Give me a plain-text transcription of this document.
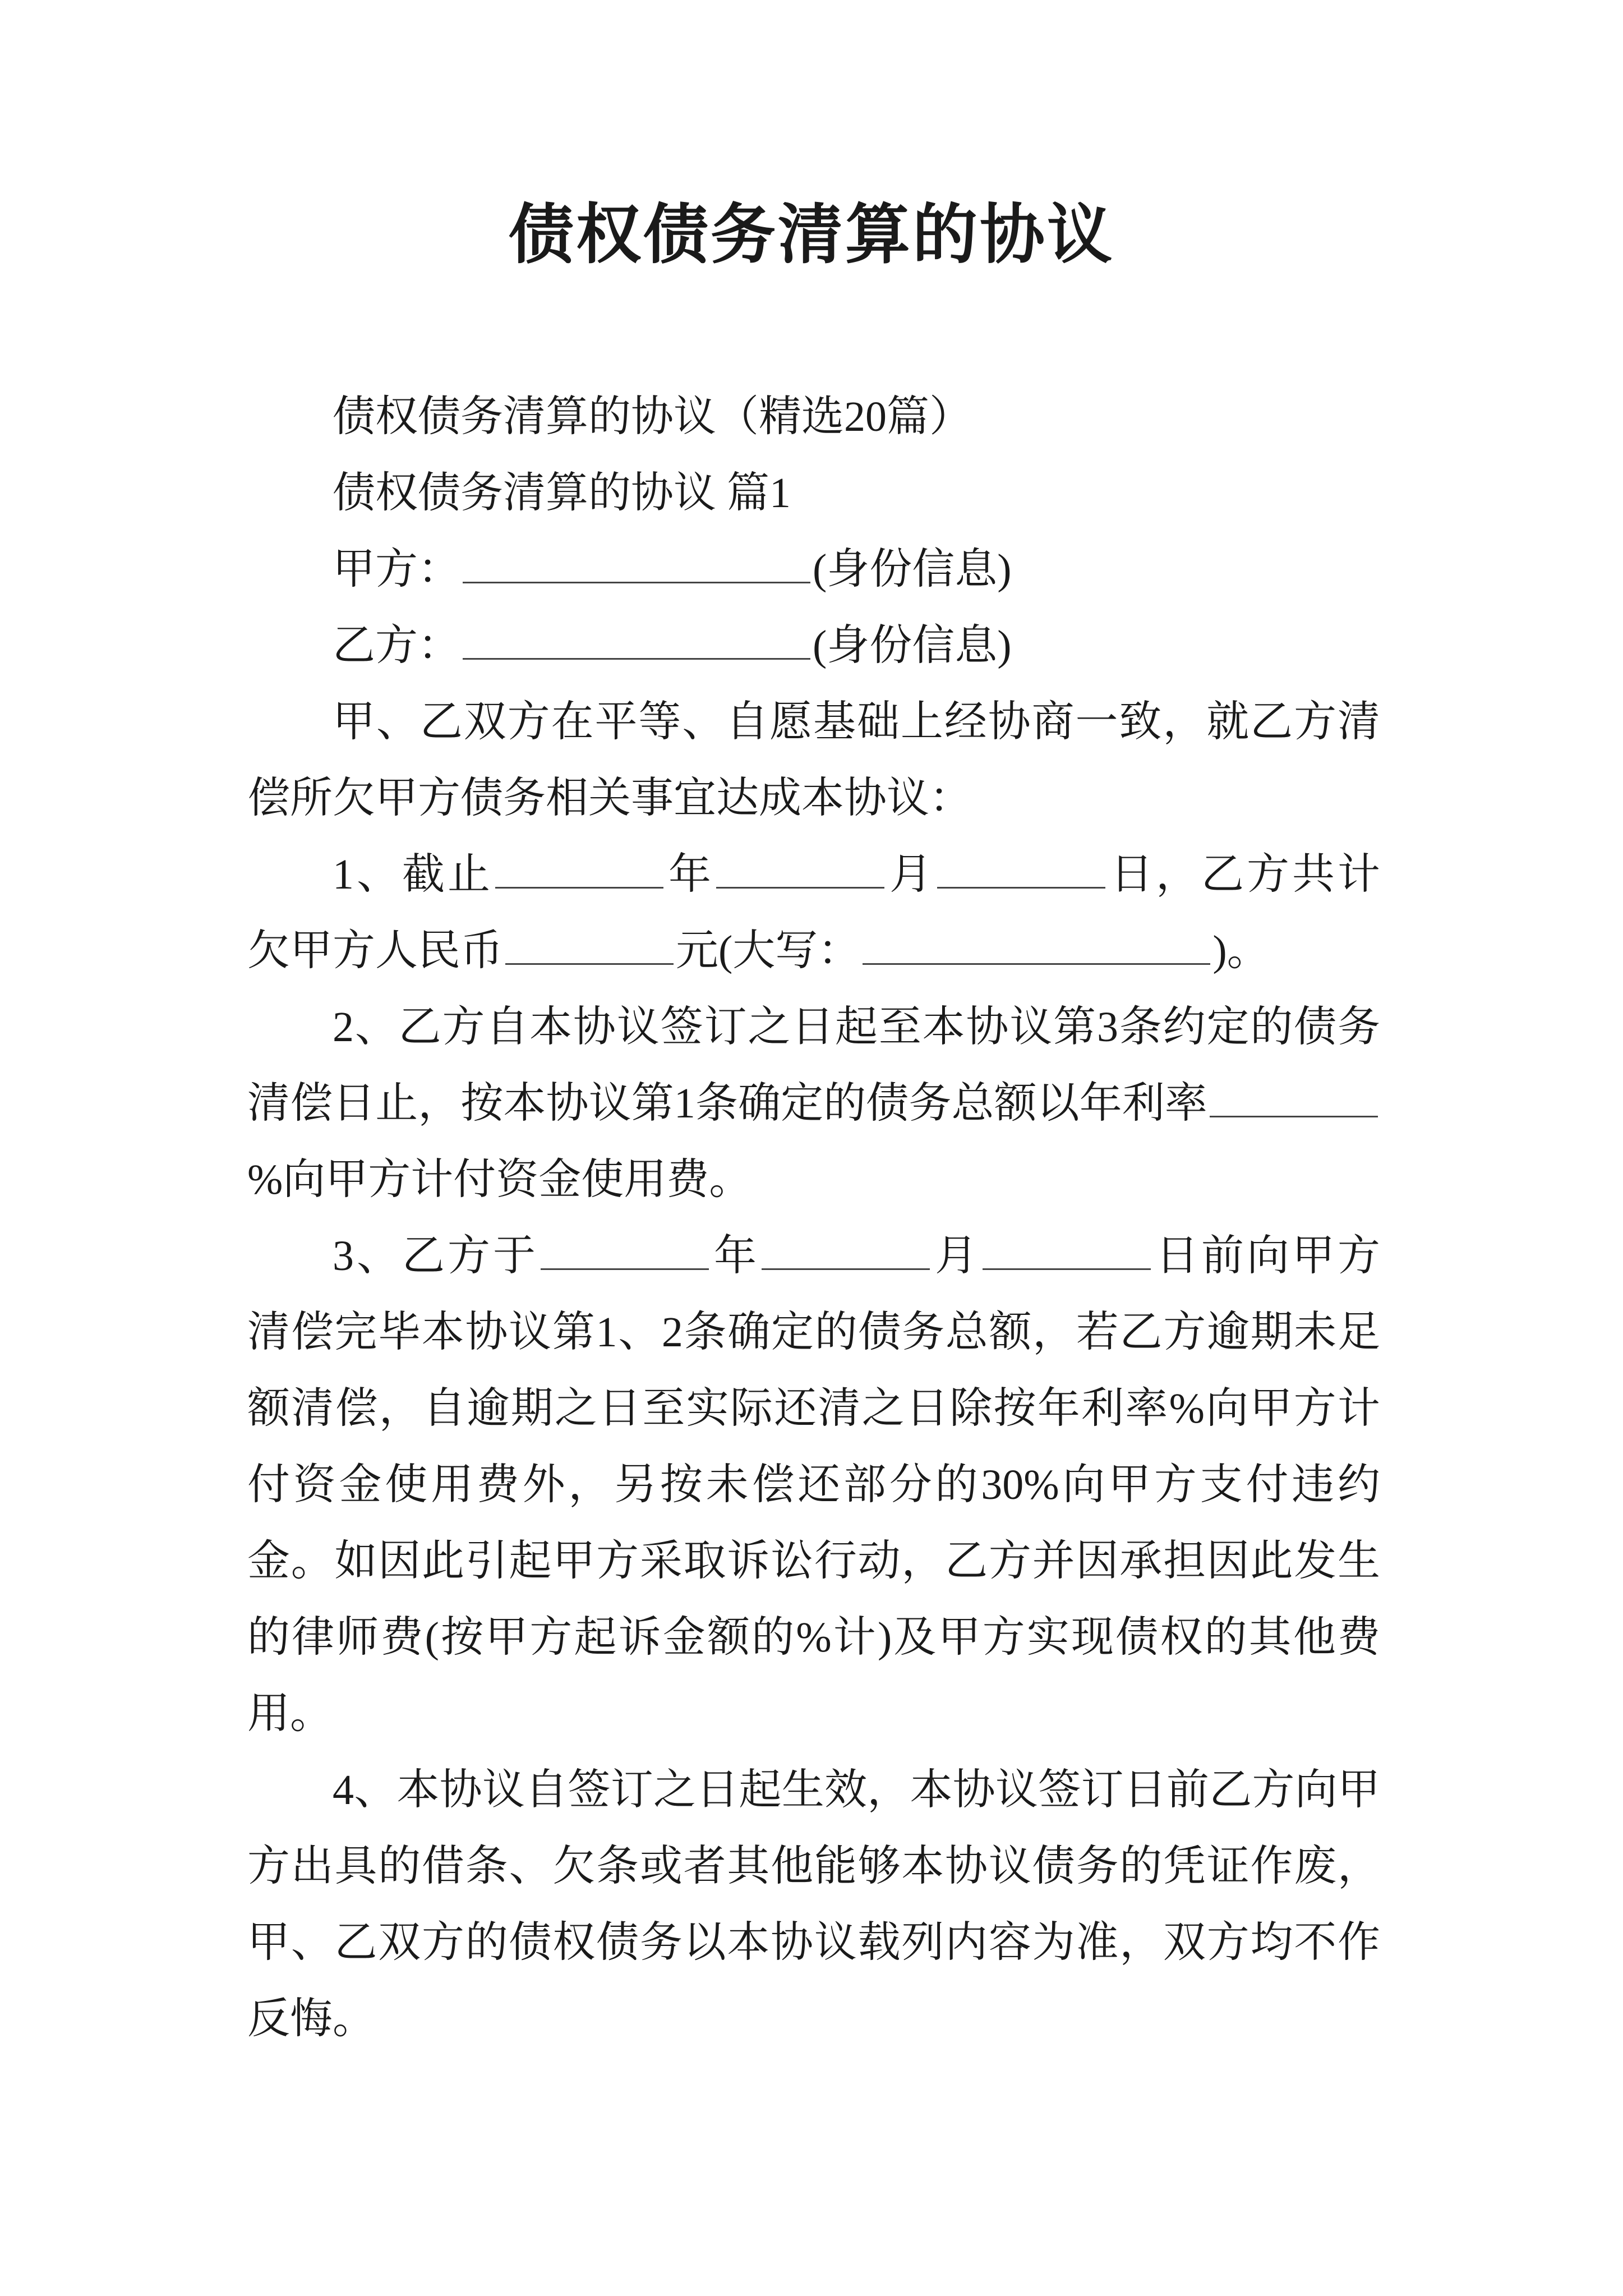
债权债务清算的协议

债权债务清算的协议（精选20篇）

债权债务清算的协议 篇1

甲方：	(身份信息)

乙方：	(身份信息)

甲、乙双方在平等、自愿基础上经协商一致，就乙方清偿所欠甲方债务相关事宜达成本协议：

1、截止	年	月	日，乙方共计欠甲方人民币	元(大写：	)。

2、乙方自本协议签订之日起至本协议第3条约定的债务清偿日止，按本协议第1条确定的债务总额以年利率%向甲方计付资金使用费。

3、乙方于	年	月	日前向甲方清偿完毕本协议第1、2条确定的债务总额，若乙方逾期未足额清偿，自逾期之日至实际还清之日除按年利率%向甲方计付资金使用费外，另按未偿还部分的30%向甲方支付违约金。如因此引起甲方采取诉讼行动，乙方并因承担因此发生的律师费(按甲方起诉金额的%计)及甲方实现债权的其他费用。

4、本协议自签订之日起生效，本协议签订日前乙方向甲方出具的借条、欠条或者其他能够本协议债务的凭证作废，甲、乙双方的债权债务以本协议载列内容为准，双方均不作反悔。
